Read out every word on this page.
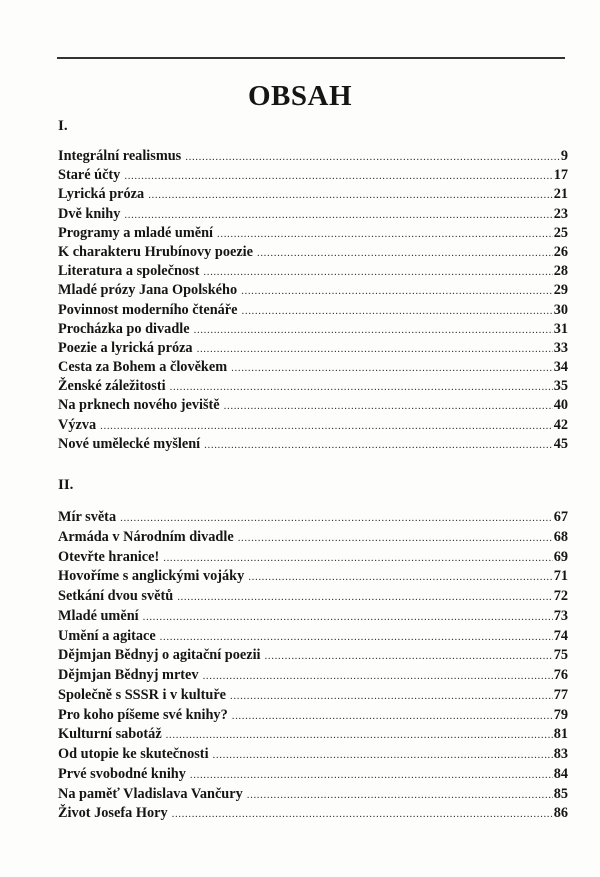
OBSAH
I.
Integrální realismus .....	9
Staré účty .....	17
Lyrická próza .....	21
Dvě knihy .....	23
Programy a mladé umění .....	25
K charakteru Hrubínovy poezie .....	26
Literatura a společnost .....	28
Mladé prózy Jana Opolského .....	29
Povinnost moderního čtenáře .....	30
Procházka po divadle .....	31
Poezie a lyrická próza .....	33
Cesta za Bohem a člověkem .....	34
Ženské záležitosti .....	35
Na prknech nového jeviště .....	40
Výzva .....	42
Nové umělecké myšlení .....	45
II.
Mír světa .....	67
Armáda v Národním divadle .....	68
Otevřte hranice! .....	69
Hovoříme s anglickými vojáky .....	71
Setkání dvou světů .....	72
Mladé umění .....	73
Umění a agitace .....	74
Dějmjan Bědnyj o agitační poezii .....	75
Dějmjan Bědnyj mrtev .....	76
Společně s SSSR i v kultuře .....	77
Pro koho píšeme své knihy? .....	79
Kulturní sabotáž .....	81
Od utopie ke skutečnosti .....	83
Prvé svobodné knihy .....	84
Na paměť Vladislava Vančury .....	85
Život Josefa Hory .....	86
